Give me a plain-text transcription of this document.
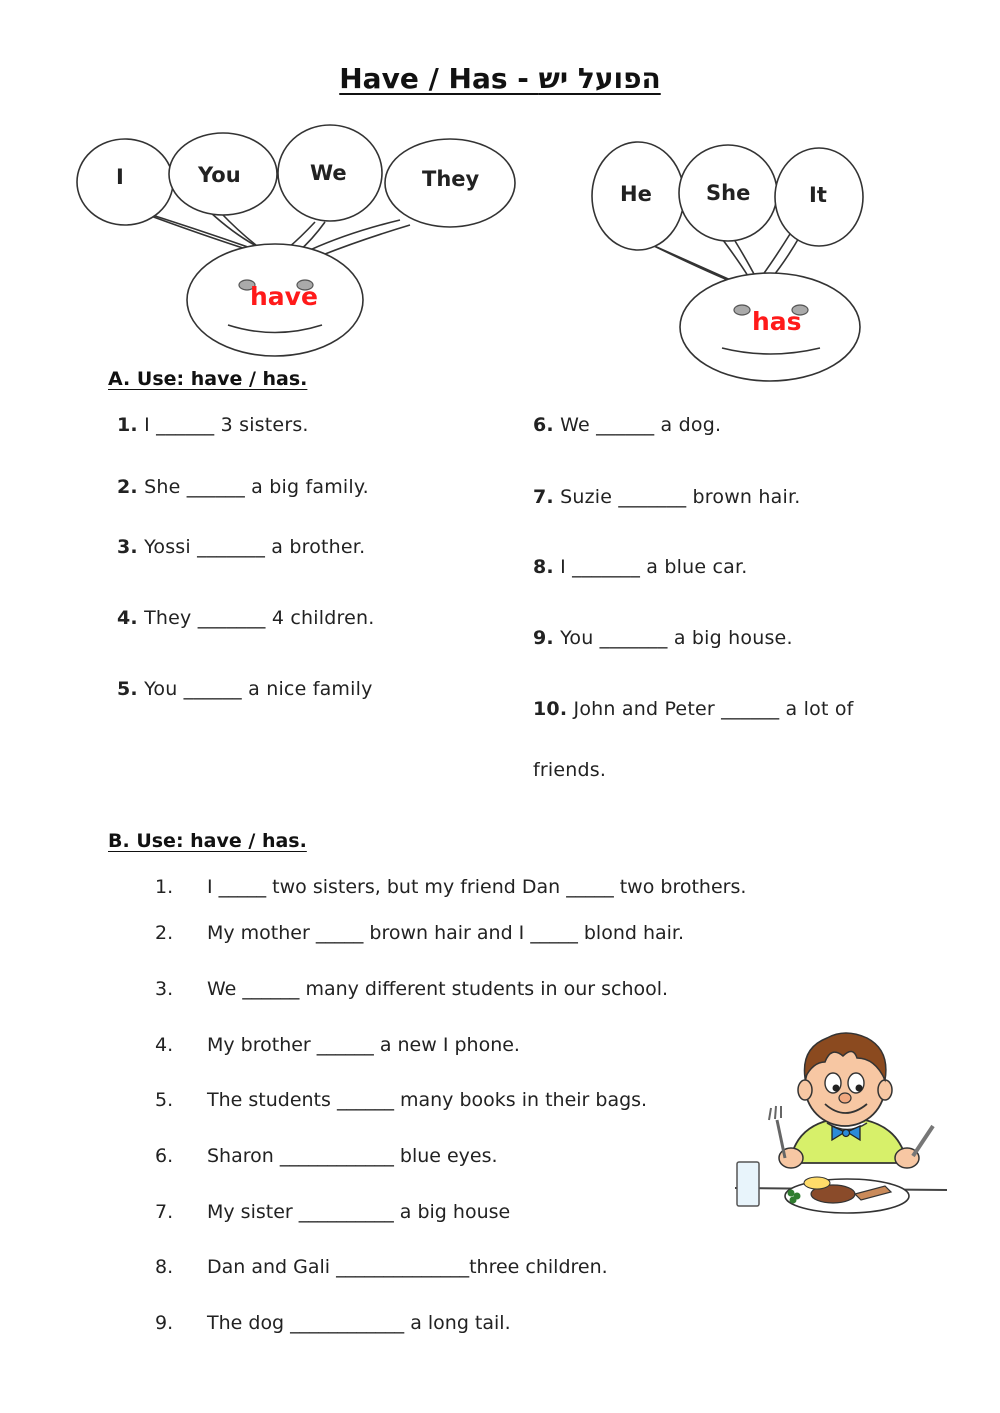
Have / Has - הפועל יש
I	You	We	They
have
He	She	It
has
A. Use: have / has.
1. I ______ 3 sisters.
2. She ______ a big family.
3. Yossi _______ a brother.
4. They _______ 4 children.
5. You ______ a nice family
6. We ______ a dog.
7. Suzie _______ brown hair.
8. I _______ a blue car.
9. You _______ a big house.
10. John and Peter ______ a lot of
friends.
B. Use: have / has.
1. I _____ two sisters, but my friend Dan _____ two brothers.
2. My mother _____ brown hair and I _____ blond hair.
3. We ______ many different students in our school.
4. My brother ______ a new I phone.
5. The students ______ many books in their bags.
6. Sharon ____________ blue eyes.
7. My sister __________ a big house
8. Dan and Gali ______________three children.
9. The dog ____________ a long tail.
